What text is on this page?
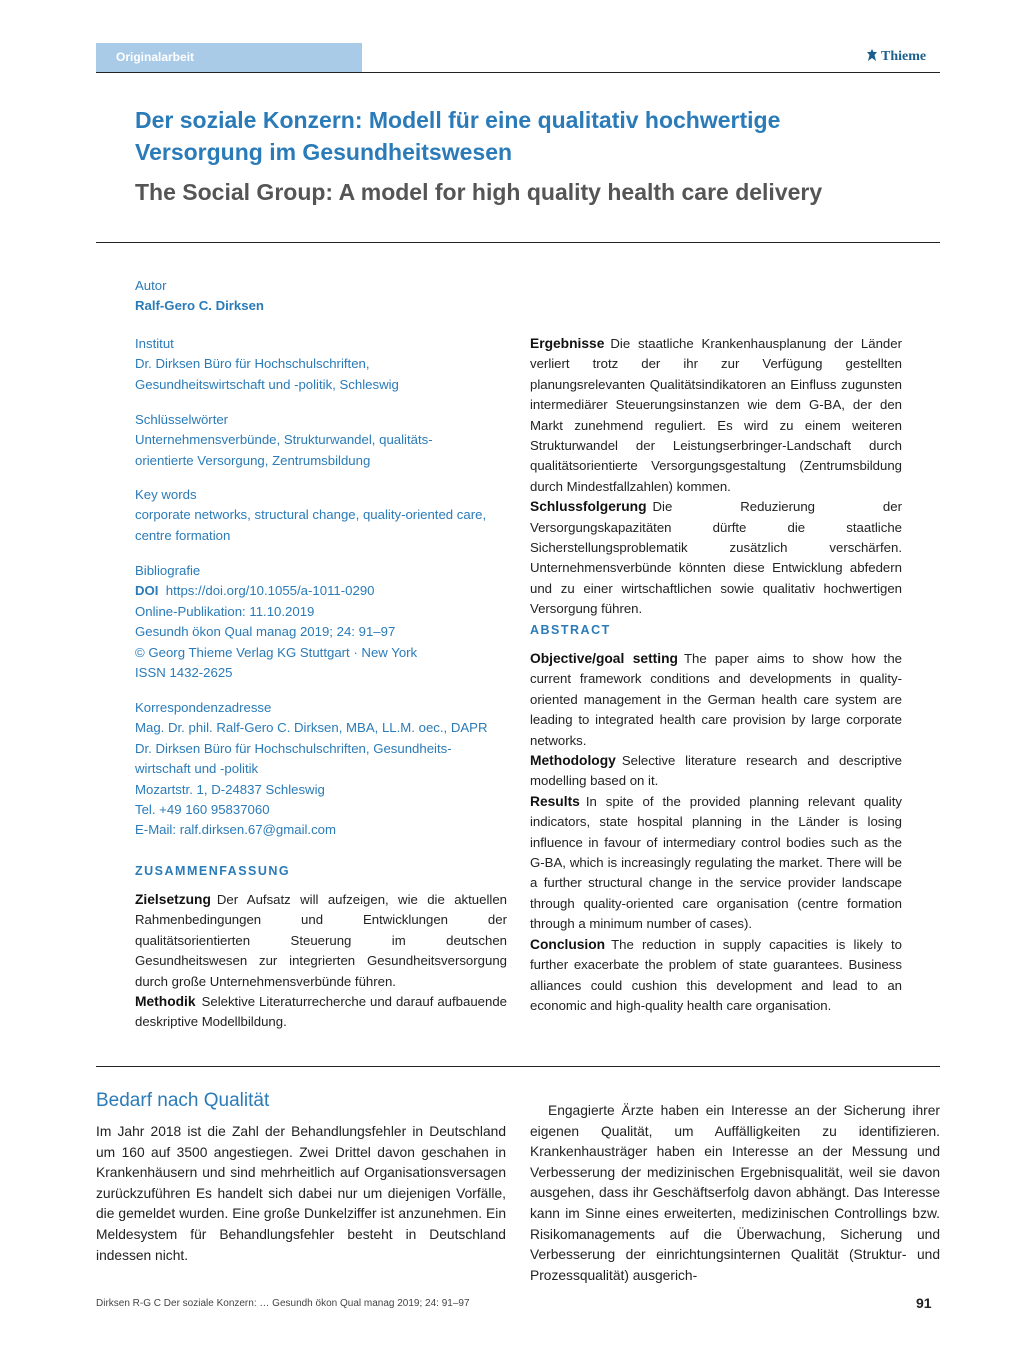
Originalarbeit	Thieme
Der soziale Konzern: Modell für eine qualitativ hochwertige Versorgung im Gesundheitswesen
The Social Group: A model for high quality health care delivery
Autor
Ralf-Gero C. Dirksen
Institut
Dr. Dirksen Büro für Hochschulschriften,
Gesundheitswirtschaft und -politik, Schleswig
Schlüsselwörter
Unternehmensverbünde, Strukturwandel, qualitäts-
orientierte Versorgung, Zentrumsbildung
Key words
corporate networks, structural change, quality-oriented care,
centre formation
Bibliografie
DOI https://doi.org/10.1055/a-1011-0290
Online-Publikation: 11.10.2019
Gesundh ökon Qual manag 2019; 24: 91–97
© Georg Thieme Verlag KG Stuttgart · New York
ISSN 1432-2625
Korrespondenzadresse
Mag. Dr. phil. Ralf-Gero C. Dirksen, MBA, LL.M. oec., DAPR
Dr. Dirksen Büro für Hochschulschriften, Gesundheits-
wirtschaft und -politik
Mozartstr. 1, D-24837 Schleswig
Tel. +49 160 95837060
E-Mail: ralf.dirksen.67@gmail.com
ZUSAMMENFASSUNG

Zielsetzung Der Aufsatz will aufzeigen, wie die aktuellen Rahmenbedingungen und Entwicklungen der qualitätsorientierten Steuerung im deutschen Gesundheitswesen zur integrierten Gesundheitsversorgung durch große Unternehmensverbünde führen.

Methodik Selektive Literaturrecherche und darauf aufbauende deskriptive Modellbildung.

Ergebnisse Die staatliche Krankenhausplanung der Länder verliert trotz der ihr zur Verfügung gestellten planungsrelevanten Qualitätsindikatoren an Einfluss zugunsten intermediärer Steuerungsinstanzen wie dem G-BA, der den Markt zunehmend reguliert. Es wird zu einem weiteren Strukturwandel der Leistungserbringer-Landschaft durch qualitätsorientierte Versorgungsgestaltung (Zentrumsbildung durch Mindestfallzahlen) kommen.

Schlussfolgerung Die Reduzierung der Versorgungskapazitäten dürfte die staatliche Sicherstellungsproblematik zusätzlich verschärfen. Unternehmensverbünde könnten diese Entwicklung abfedern und zu einer wirtschaftlichen sowie qualitativ hochwertigen Versorgung führen.

ABSTRACT

Objective/goal setting The paper aims to show how the current framework conditions and developments in quality-oriented management in the German health care system are leading to integrated health care provision by large corporate networks.

Methodology Selective literature research and descriptive modelling based on it.

Results In spite of the provided planning relevant quality indicators, state hospital planning in the Länder is losing influence in favour of intermediary control bodies such as the G-BA, which is increasingly regulating the market. There will be a further structural change in the service provider landscape through quality-oriented care organisation (centre formation through a minimum number of cases).

Conclusion The reduction in supply capacities is likely to further exacerbate the problem of state guarantees. Business alliances could cushion this development and lead to an economic and high-quality health care organisation.

Bedarf nach Qualität
Im Jahr 2018 ist die Zahl der Behandlungsfehler in Deutschland um 160 auf 3500 angestiegen. Zwei Drittel davon geschahen in Krankenhäusern und sind mehrheitlich auf Organisationsversagen zurückzuführen Es handelt sich dabei nur um diejenigen Vorfälle, die gemeldet wurden. Eine große Dunkelziffer ist anzunehmen. Ein Meldesystem für Behandlungsfehler besteht in Deutschland indessen nicht.
Engagierte Ärzte haben ein Interesse an der Sicherung ihrer eigenen Qualität, um Auffälligkeiten zu identifizieren. Krankenhausträger haben ein Interesse an der Messung und Verbesserung der medizinischen Ergebnisqualität, weil sie davon ausgehen, dass ihr Geschäftserfolg davon abhängt. Das Interesse kann im Sinne eines erweiterten, medizinischen Controllings bzw. Risikomanagements auf die Überwachung, Sicherung und Verbesserung der einrichtungsinternen Qualität (Struktur- und Prozessqualität) ausgerich-
Dirksen R-G C Der soziale Konzern: … Gesundh ökon Qual manag 2019; 24: 91–97	91
